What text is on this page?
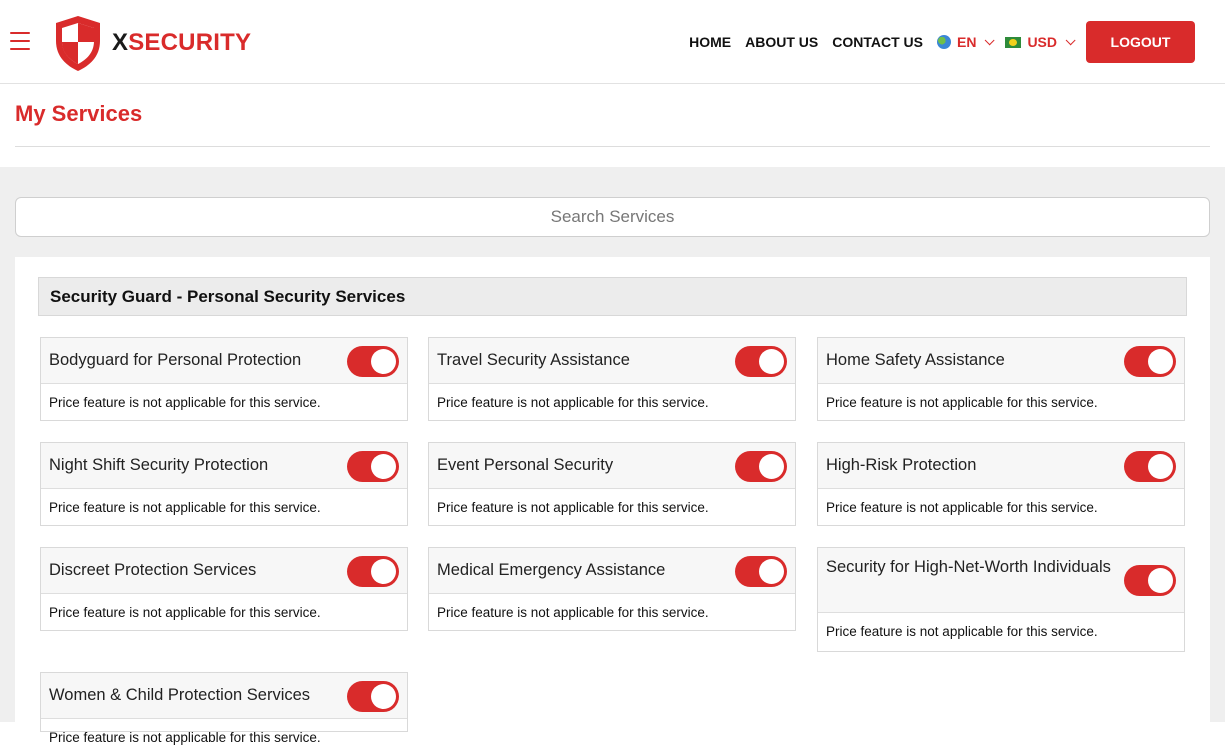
XSECURITY	HOME ABOUT US CONTACT US EN	USD	LOGOUT
My Services
Search Services
Security Guard - Personal Security Services
Bodyguard for Personal Protection
Price feature is not applicable for this service.
Travel Security Assistance
Price feature is not applicable for this service.
Home Safety Assistance
Price feature is not applicable for this service.
Night Shift Security Protection
Price feature is not applicable for this service.
Event Personal Security
Price feature is not applicable for this service.
High-Risk Protection
Price feature is not applicable for this service.
Discreet Protection Services
Price feature is not applicable for this service.
Medical Emergency Assistance
Price feature is not applicable for this service.
Security for High-Net-Worth Individuals
Price feature is not applicable for this service.
Women & Child Protection Services
Price feature is not applicable for this service.
